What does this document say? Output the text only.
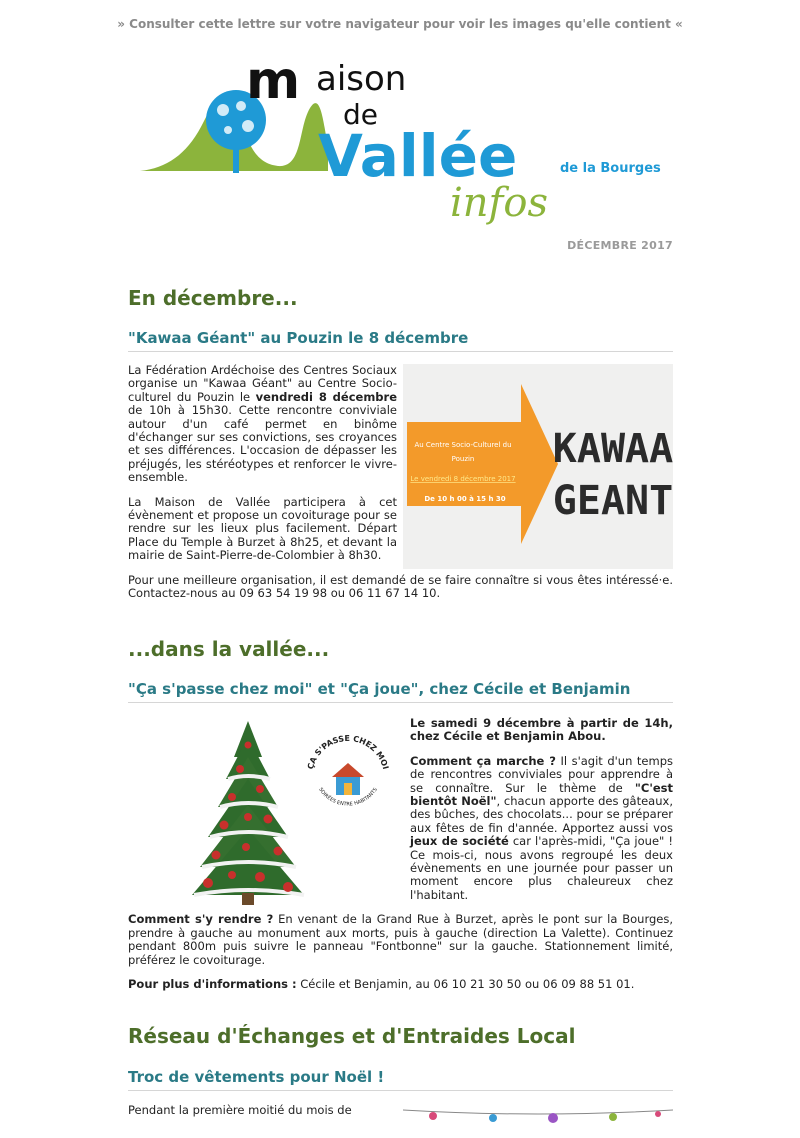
» Consulter cette lettre sur votre navigateur pour voir les images qu'elle contient «
m aison
de
Vallée	de la Bourges
infos
DÉCEMBRE 2017
En décembre...
"Kawaa Géant" au Pouzin le 8 décembre
Au Centre Socio-Culturel du
Pouzin
Le vendredi 8 décembre 2017
De 10 h 00 à 15 h 30
KAWAA
GEANT

La Fédération Ardéchoise des Centres Sociaux organise un "Kawaa Géant" au Centre Socio-culturel du Pouzin le vendredi 8 décembre de 10h à 15h30. Cette rencontre conviviale autour d'un café permet en binôme d'échanger sur ses convictions, ses croyances et ses différences. L'occasion de dépasser les préjugés, les stéréotypes et renforcer le vivre-ensemble.

La Maison de Vallée participera à cet évènement et propose un covoiturage pour se rendre sur les lieux plus facilement. Départ Place du Temple à Burzet à 8h25, et devant la mairie de Saint-Pierre-de-Colombier à 8h30.

Pour une meilleure organisation, il est demandé de se faire connaître si vous êtes intéressé·e. Contactez-nous au 09 63 54 19 98 ou 06 11 67 14 10.

...dans la vallée...
"Ça s'passe chez moi" et "Ça joue", chez Cécile et Benjamin
ÇA S'PASSE CHEZ MOI
SOIRÉES ENTRE HABITANTS

Le samedi 9 décembre à partir de 14h, chez Cécile et Benjamin Abou.

Comment ça marche ? Il s'agit d'un temps de rencontres conviviales pour apprendre à se connaître. Sur le thème de "C'est bientôt Noël", chacun apporte des gâteaux, des bûches, des chocolats... pour se préparer aux fêtes de fin d'année. Apportez aussi vos jeux de société car l'après-midi, "Ça joue" ! Ce mois-ci, nous avons regroupé les deux évènements en une journée pour passer un moment encore plus chaleureux chez l'habitant.

Comment s'y rendre ? En venant de la Grand Rue à Burzet, après le pont sur la Bourges, prendre à gauche au monument aux morts, puis à gauche (direction La Valette). Continuez pendant 800m puis suivre le panneau "Fontbonne" sur la gauche. Stationnement limité, préférez le covoiturage.

Pour plus d'informations : Cécile et Benjamin, au 06 10 21 30 50 ou 06 09 88 51 01.

Réseau d'Échanges et d'Entraides Local
Troc de vêtements pour Noël !

Pendant la première moitié du mois de
